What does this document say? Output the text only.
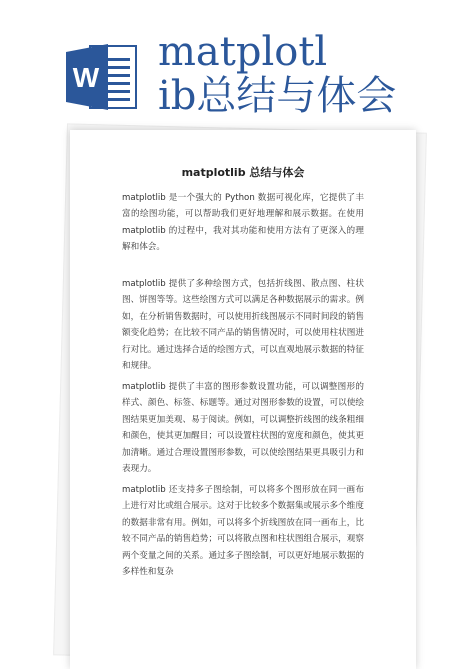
W
matplotl
ib总结与体会
matplotlib 总结与体会
matplotlib 是一个强大的 Python 数据可视化库，它提供了丰富的绘图功能，可以帮助我们更好地理解和展示数据。在使用 matplotlib 的过程中，我对其功能和使用方法有了更深入的理解和体会。
matplotlib 提供了多种绘图方式，包括折线图、散点图、柱状图、饼图等等。这些绘图方式可以满足各种数据展示的需求。例如，在分析销售数据时，可以使用折线图展示不同时间段的销售额变化趋势；在比较不同产品的销售情况时，可以使用柱状图进行对比。通过选择合适的绘图方式，可以直观地展示数据的特征和规律。
matplotlib 提供了丰富的图形参数设置功能，可以调整图形的样式、颜色、标签、标题等。通过对图形参数的设置，可以使绘图结果更加美观、易于阅读。例如，可以调整折线图的线条粗细和颜色，使其更加醒目；可以设置柱状图的宽度和颜色，使其更加清晰。通过合理设置图形参数，可以使绘图结果更具吸引力和表现力。
matplotlib 还支持多子图绘制，可以将多个图形放在同一画布上进行对比或组合展示。这对于比较多个数据集或展示多个维度的数据非常有用。例如，可以将多个折线图放在同一画布上，比较不同产品的销售趋势；可以将散点图和柱状图组合展示，观察两个变量之间的关系。通过多子图绘制，可以更好地展示数据的多样性和复杂
